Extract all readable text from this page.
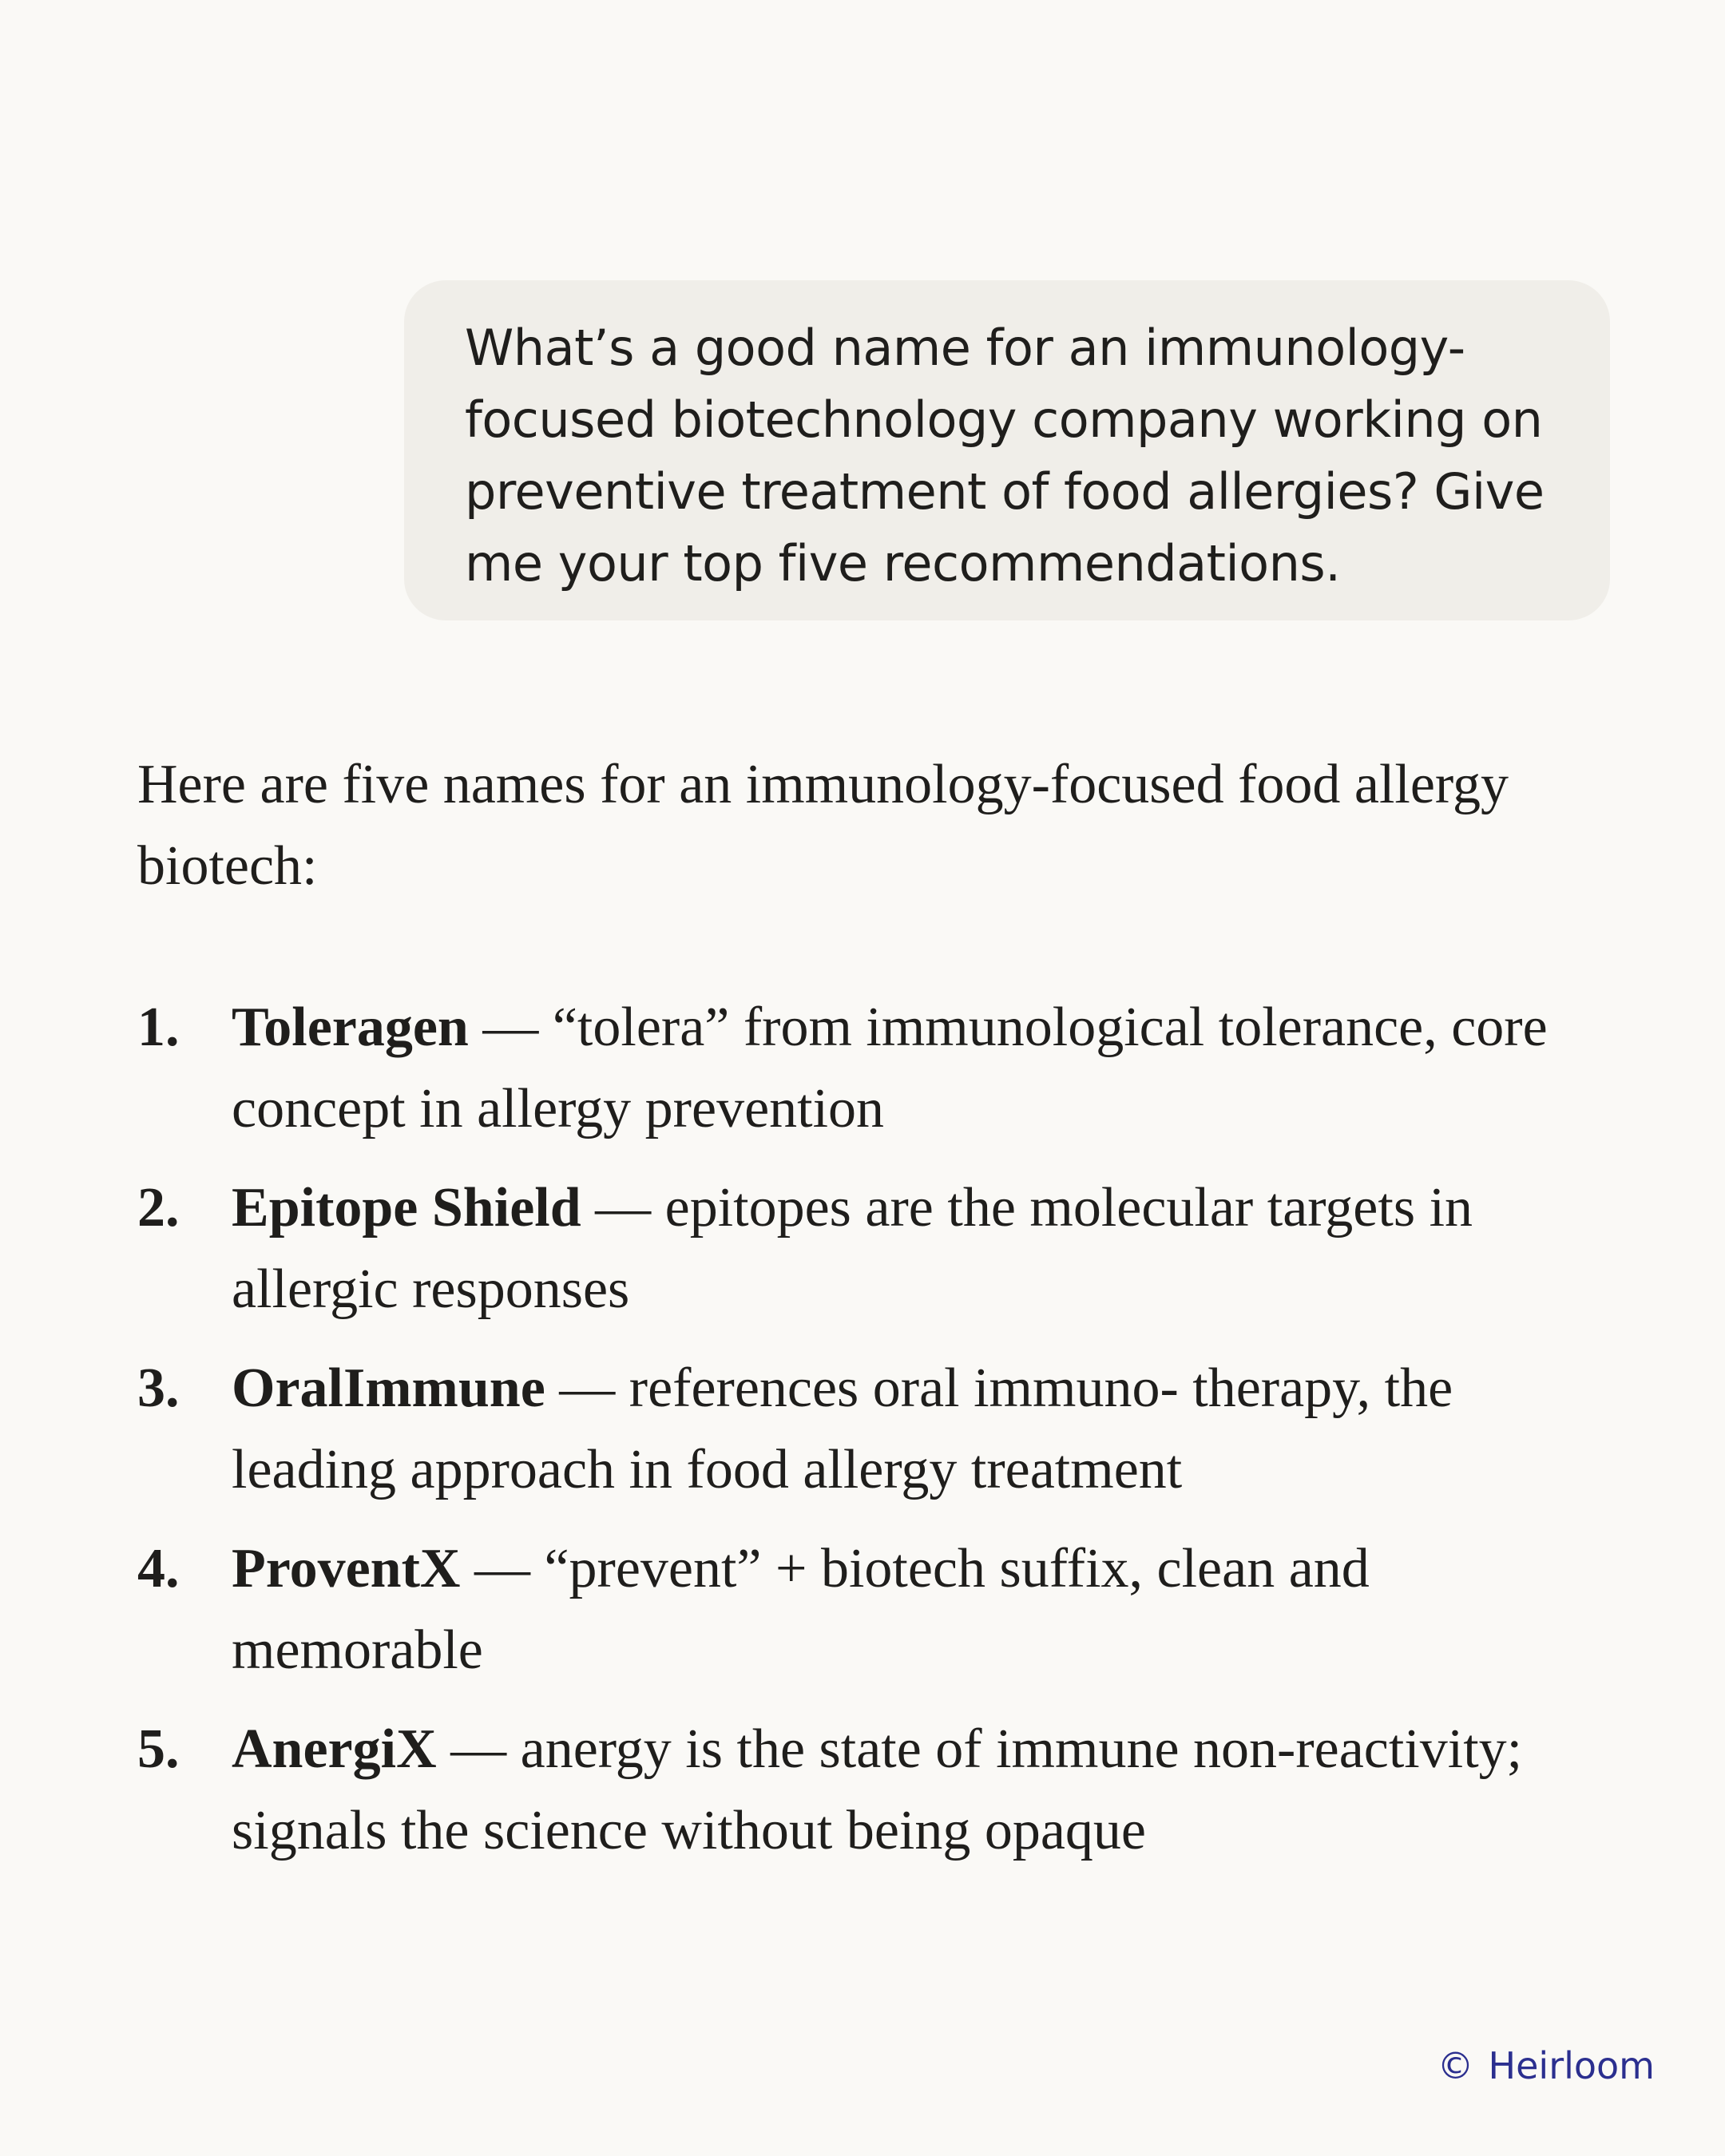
What’s a good name for an immunology-focused biotechnology company working on preventive treatment of food allergies? Give me your top five recommendations.

Here are five names for an immunology-focused food allergy biotech:

1. Toleragen — “tolera” from immunological tolerance, core concept in allergy prevention
2. Epitope Shield — epitopes are the molecular targets in allergic responses
3. OralImmune — references oral immuno- therapy, the leading approach in food allergy treatment
4. ProventX — “prevent” + biotech suffix, clean and memorable
5. AnergiX — anergy is the state of immune non-reactivity; signals the science without being opaque
© Heirloom
